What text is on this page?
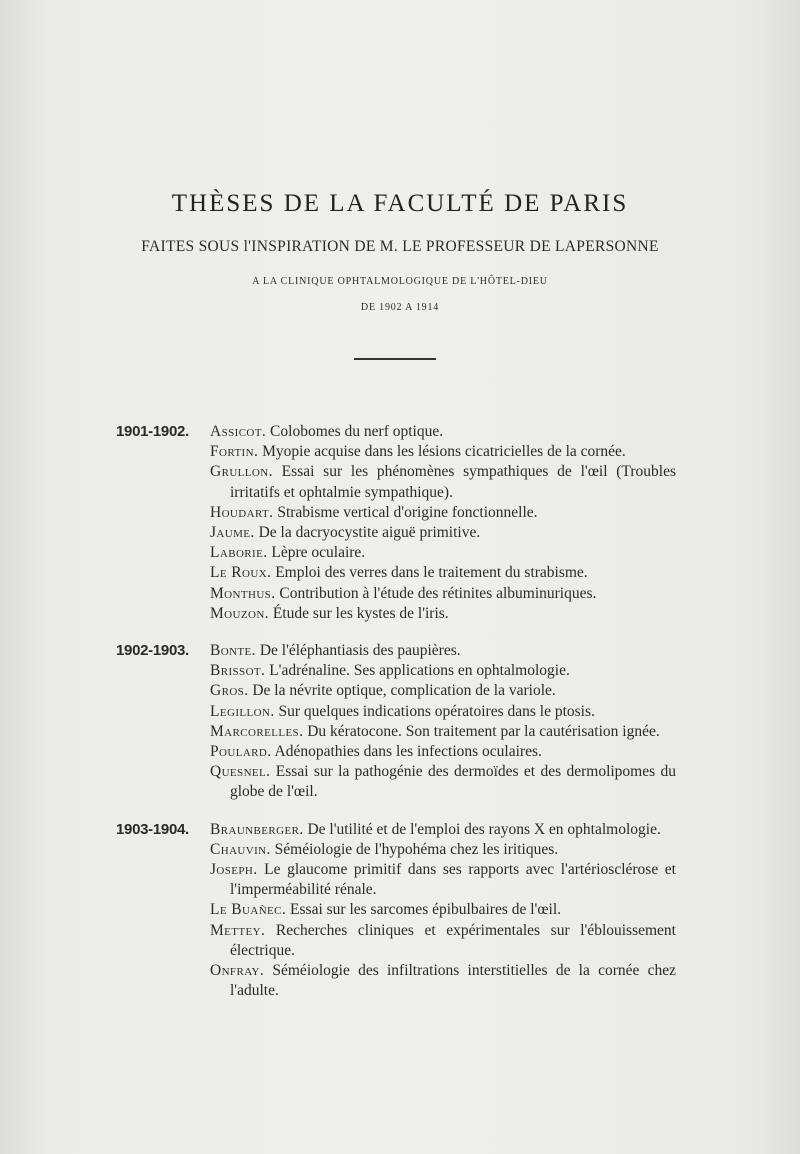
THÈSES DE LA FACULTÉ DE PARIS
FAITES SOUS l'INSPIRATION DE M. LE PROFESSEUR DE LAPERSONNE
A LA CLINIQUE OPHTALMOLOGIQUE DE L'HÔTEL-DIEU
DE 1902 A 1914
1901-1902.	Assicot. Colobomes du nerf optique.
Fortin. Myopie acquise dans les lésions cicatricielles de la cornée.
Grullon. Essai sur les phénomènes sympathiques de l'œil (Troubles irritatifs et ophtalmie sympathique).
Houdart. Strabisme vertical d'origine fonctionnelle.
Jaume. De la dacryocystite aiguë primitive.
Laborie. Lèpre oculaire.
Le Roux. Emploi des verres dans le traitement du strabisme.
Monthus. Contribution à l'étude des rétinites albuminuriques.
Mouzon. Étude sur les kystes de l'iris.
1902-1903.	Bonte. De l'éléphantiasis des paupières.
Brissot. L'adrénaline. Ses applications en ophtalmologie.
Gros. De la névrite optique, complication de la variole.
Legillon. Sur quelques indications opératoires dans le ptosis.
Marcorelles. Du kératocone. Son traitement par la cautérisation ignée.
Poulard. Adénopathies dans les infections oculaires.
Quesnel. Essai sur la pathogénie des dermoïdes et des dermolipomes du globe de l'œil.
1903-1904.	Braunberger. De l'utilité et de l'emploi des rayons X en ophtalmologie.
Chauvin. Séméiologie de l'hypohéma chez les iritiques.
Joseph. Le glaucome primitif dans ses rapports avec l'artériosclérose et l'imperméabilité rénale.
Le Buañec. Essai sur les sarcomes épibulbaires de l'œil.
Mettey. Recherches cliniques et expérimentales sur l'éblouissement électrique.
Onfray. Séméiologie des infiltrations interstitielles de la cornée chez l'adulte.
